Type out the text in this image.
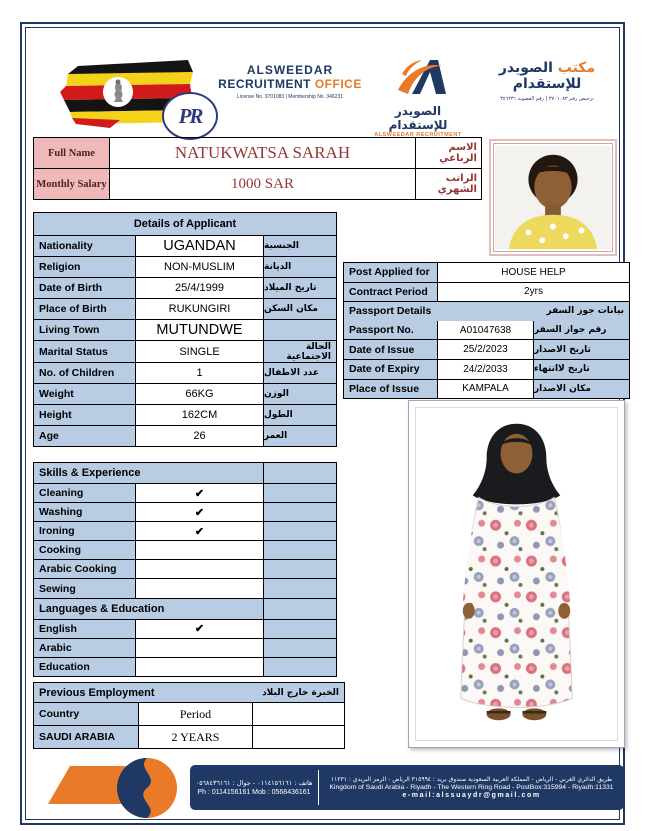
PR
ALSWEEDAR
RECRUITMENT OFFICE
License No. 3701083 | Membership No. 346231
الصويدر للإستقدام
ALSWEEDAR RECRUITMENT
مكتب الصويدر للإستقدام
ترخيص رقم ٣٧٠١٠٨٣ | رقم العضوية ٣٤٦٢٣١
Full Name	NATUKWATSA SARAH	الاسم الرباعي
Monthly Salary	1000 SAR	الراتب الشهري
Details of Applicant
Nationality	UGANDAN	الجنسية
Religion	NON-MUSLIM	الديانة
Date of Birth	25/4/1999	تاريخ الميلاد
Place of Birth	RUKUNGIRI	مكان السكن
Living Town	MUTUNDWE
Marital Status	SINGLE	الحالة الاجتماعية
No. of Children	1	عدد الاطفال
Weight	66KG	الوزن
Height	162CM	الطول
Age	26	العمر
Post Applied for	HOUSE HELP
Contract Period	2yrs
Passport Details	بيانات جوز السفر
Passport No.	A01047638	رقم جواز السفر
Date of Issue	25/2/2023	تاريخ الاصدار
Date of Expiry	24/2/2033	تاريخ لاانتهاء
Place of Issue	KAMPALA	مكان الاصدار
Skills & Experience
Cleaning	✔
Washing	✔
Ironing	✔
Cooking
Arabic Cooking
Sewing
Languages & Education
English	✔
Arabic
Education
Previous Employment	الخبرة خارج البلاد
Country	Period
SAUDI ARABIA	2 YEARS
هاتف : ٠١١٤١٥٦١٦١ - جوال : ٠٥٦٨٤٣٦١٦١
Ph : 0114156161 Mob : 0568436161
طريق الدائري الغربي - الرياض - المملكة العربية السعودية صندوق بريد : ٣١٥٩٩٤ الرياض - الرمز البريدي : ١١٢٣١
Kingdom of Saudi Arabia - Riyadh - The Western Ring Road - PostBox:315994 - Riyadh:11331
e-mail:alssuaydr@gmail.com
